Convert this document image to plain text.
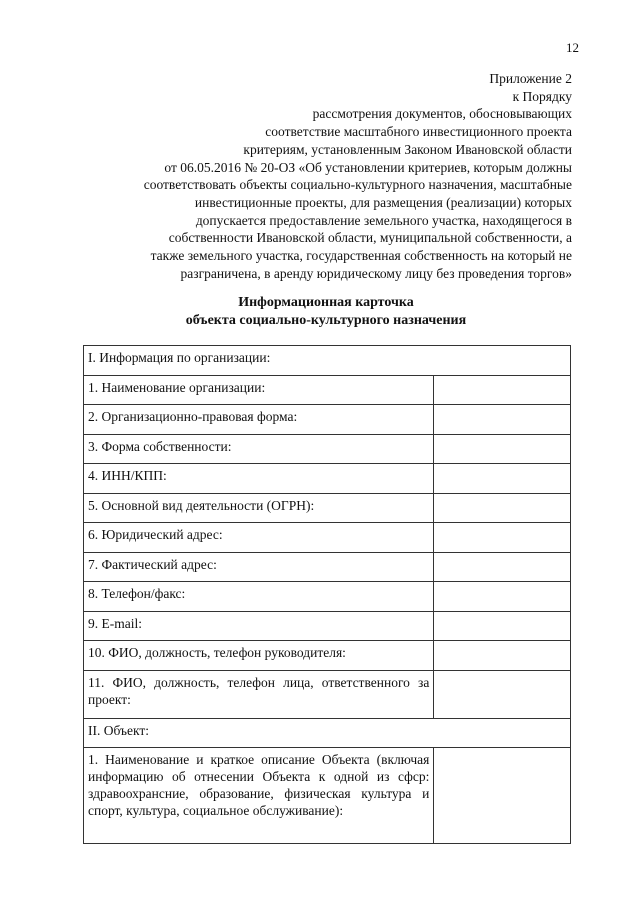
12
Приложение 2
к Порядку
рассмотрения документов, обосновывающих
соответствие масштабного инвестиционного проекта
критериям, установленным Законом Ивановской области
от 06.05.2016 № 20-ОЗ «Об установлении критериев, которым должны
соответствовать объекты социально-культурного назначения, масштабные
инвестиционные проекты, для размещения (реализации) которых
допускается предоставление земельного участка, находящегося в
собственности Ивановской области, муниципальной собственности, а
также земельного участка, государственная собственность на который не
разграничена, в аренду юридическому лицу без проведения торгов»
Информационная карточка
объекта социально-культурного назначения
I. Информация по организации:	
1. Наименование организации:	
2. Организационно-правовая форма:	
3. Форма собственности:	
4. ИНН/КПП:	
5. Основной вид деятельности (ОГРН):	
6. Юридический адрес:	
7. Фактический адрес:	
8. Телефон/факс:	
9. E-mail:	
10. ФИО, должность, телефон руководителя:	
11. ФИО, должность, телефон лица, ответственного за проект:	
II. Объект:	
1. Наименование и краткое описание Объекта (включая информацию об отнесении Объекта к одной из сфср: здравоохрансние, образование, физическая культура и спорт, культура, социальное обслуживание):	
